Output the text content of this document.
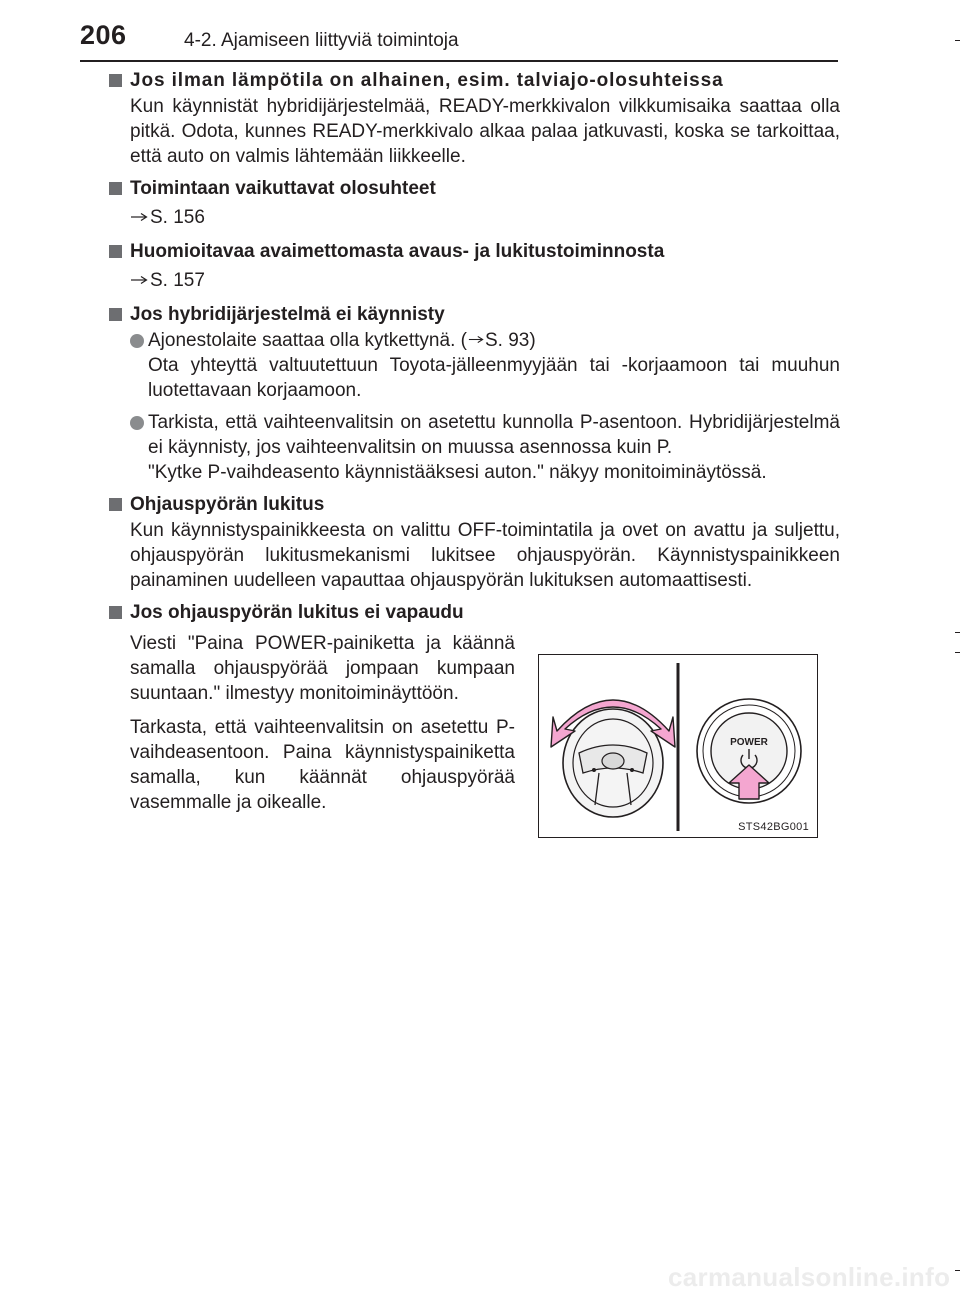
206	4-2. Ajamiseen liittyviä toimintoja
Jos ilman lämpötila on alhainen, esim. talviajo-olosuhteissa
Kun käynnistät hybridijärjestelmää, READY-merkkivalon vilkkumisaika saattaa olla pitkä. Odota, kunnes READY-merkkivalo alkaa palaa jatkuvasti, koska se tarkoittaa, että auto on valmis lähtemään liikkeelle.
Toimintaan vaikuttavat olosuhteet
S. 156
Huomioitavaa avaimettomasta avaus- ja lukitustoiminnosta
S. 157
Jos hybridijärjestelmä ei käynnisty
Ajonestolaite saattaa olla kytkettynä. ( S. 93)
Ota yhteyttä valtuutettuun Toyota-jälleenmyyjään tai -korjaamoon tai muuhun luotettavaan korjaamoon.
Tarkista, että vaihteenvalitsin on asetettu kunnolla P-asentoon. Hybridijärjestelmä ei käynnisty, jos vaihteenvalitsin on muussa asennossa kuin P.
"Kytke P-vaihdeasento käynnistääksesi auton." näkyy monitoiminäytössä.
Ohjauspyörän lukitus
Kun käynnistyspainikkeesta on valittu OFF-toimintatila ja ovet on avattu ja suljettu, ohjauspyörän lukitusmekanismi lukitsee ohjauspyörän. Käynnistyspainikkeen painaminen uudelleen vapauttaa ohjauspyörän lukituksen automaattisesti.
Jos ohjauspyörän lukitus ei vapaudu

Viesti "Paina POWER-painiketta ja käännä samalla ohjauspyörää jompaan kumpaan suuntaan." ilmestyy monitoiminäyttöön.

Tarkasta, että vaihteenvalitsin on asetettu P-vaihdeasentoon. Paina käynnistyspainiketta samalla, kun käännät ohjauspyörää vasemmalle ja oikealle.

POWER
STS42BG001
carmanualsonline.info
